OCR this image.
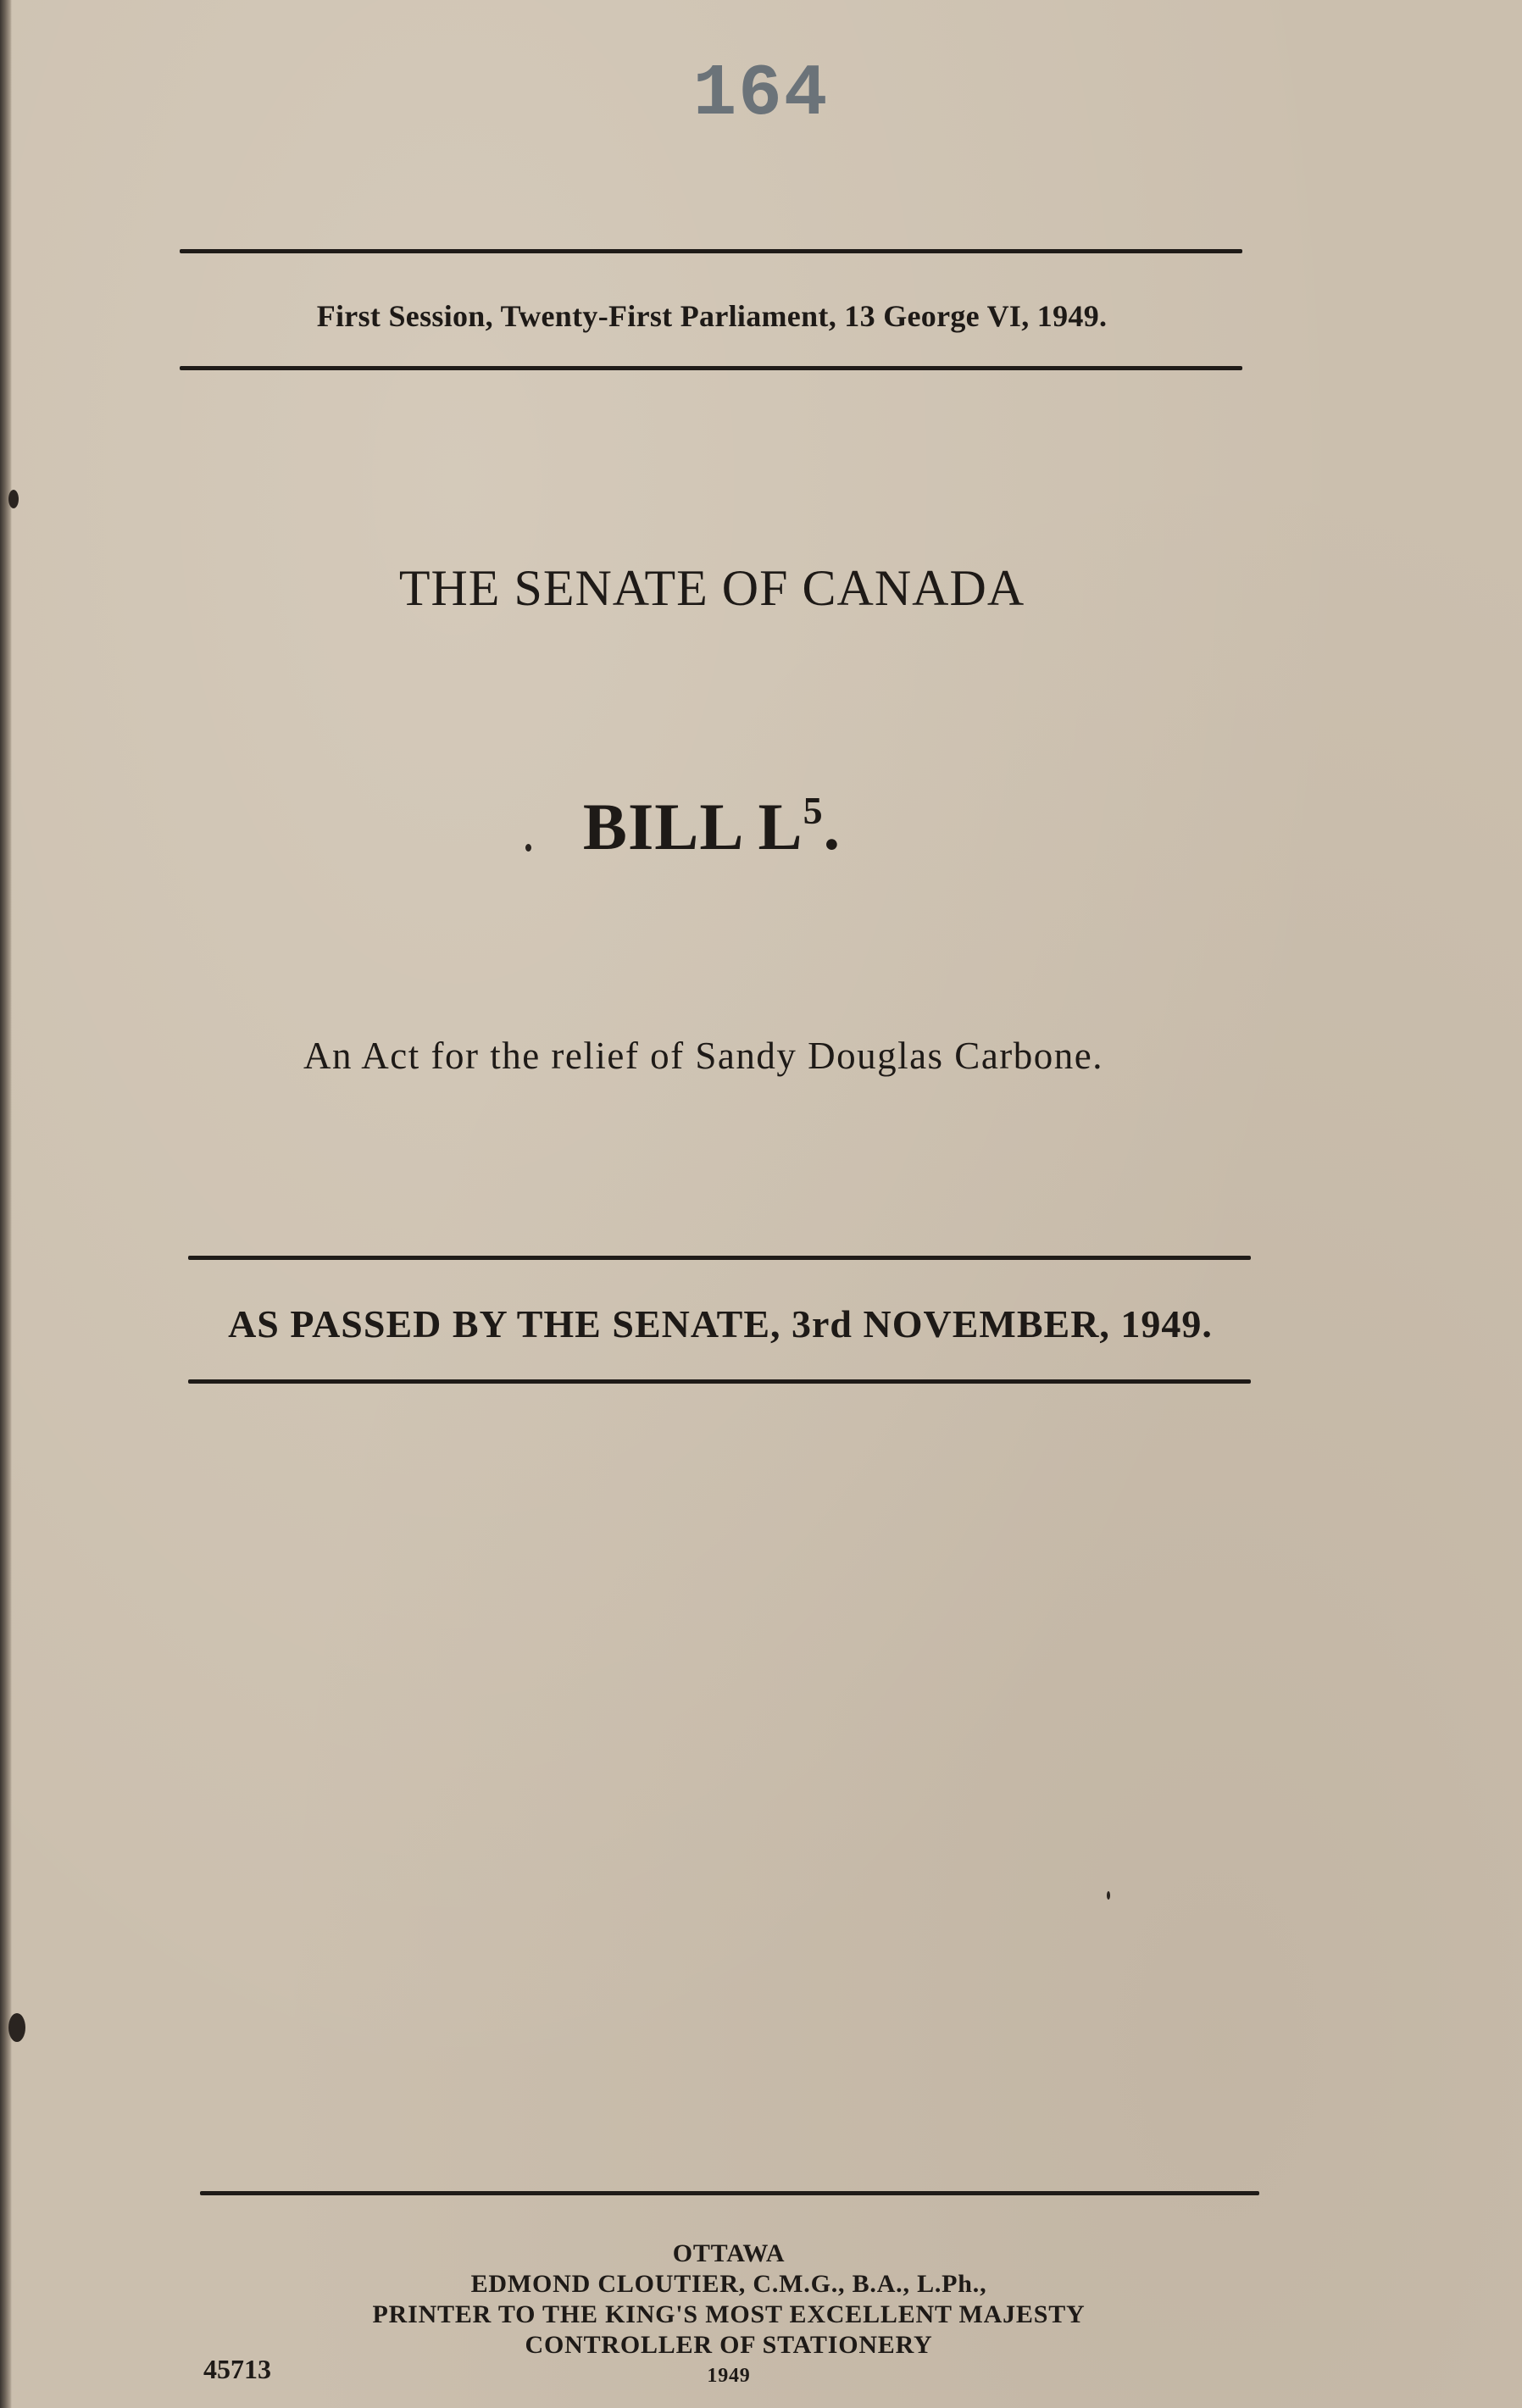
164
First Session, Twenty-First Parliament, 13 George VI, 1949.
THE SENATE OF CANADA
BILL $L^5$.
An Act for the relief of Sandy Douglas Carbone.
AS PASSED BY THE SENATE, 3rd NOVEMBER, 1949.
OTTAWA
EDMOND CLOUTIER, C.M.G., B.A., L.Ph.,
PRINTER TO THE KING'S MOST EXCELLENT MAJESTY
CONTROLLER OF STATIONERY
1949
45713
